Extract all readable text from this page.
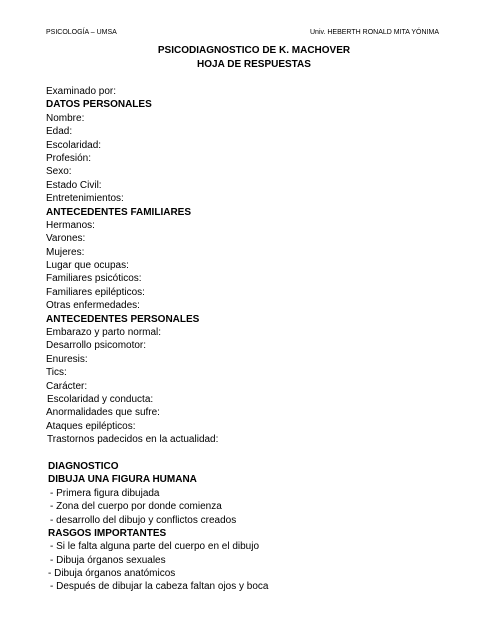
PSICOLOGÍA – UMSA	Univ. HEBERTH RONALD MITA YÓNIMA
PSICODIAGNOSTICO DE K. MACHOVER
HOJA DE RESPUESTAS
Examinado por:
DATOS PERSONALES
Nombre:
Edad:
Escolaridad:
Profesión:
Sexo:
Estado Civil:
Entretenimientos:
ANTECEDENTES FAMILIARES
Hermanos:
Varones:
Mujeres:
Lugar que ocupas:
Familiares psicóticos:
Familiares epilépticos:
Otras enfermedades:
ANTECEDENTES PERSONALES
Embarazo y parto normal:
Desarrollo psicomotor:
Enuresis:
Tics:
Carácter:
Escolaridad y conducta:
Anormalidades que sufre:
Ataques epilépticos:
Trastornos padecidos en la actualidad:
DIAGNOSTICO
DIBUJA UNA FIGURA HUMANA
- Primera figura dibujada
- Zona del cuerpo por donde comienza
- desarrollo del dibujo y conflictos creados
RASGOS IMPORTANTES
- Si le falta alguna parte del cuerpo en el dibujo
- Dibuja órganos sexuales
- Dibuja órganos anatómicos
- Después de dibujar la cabeza faltan ojos y boca
